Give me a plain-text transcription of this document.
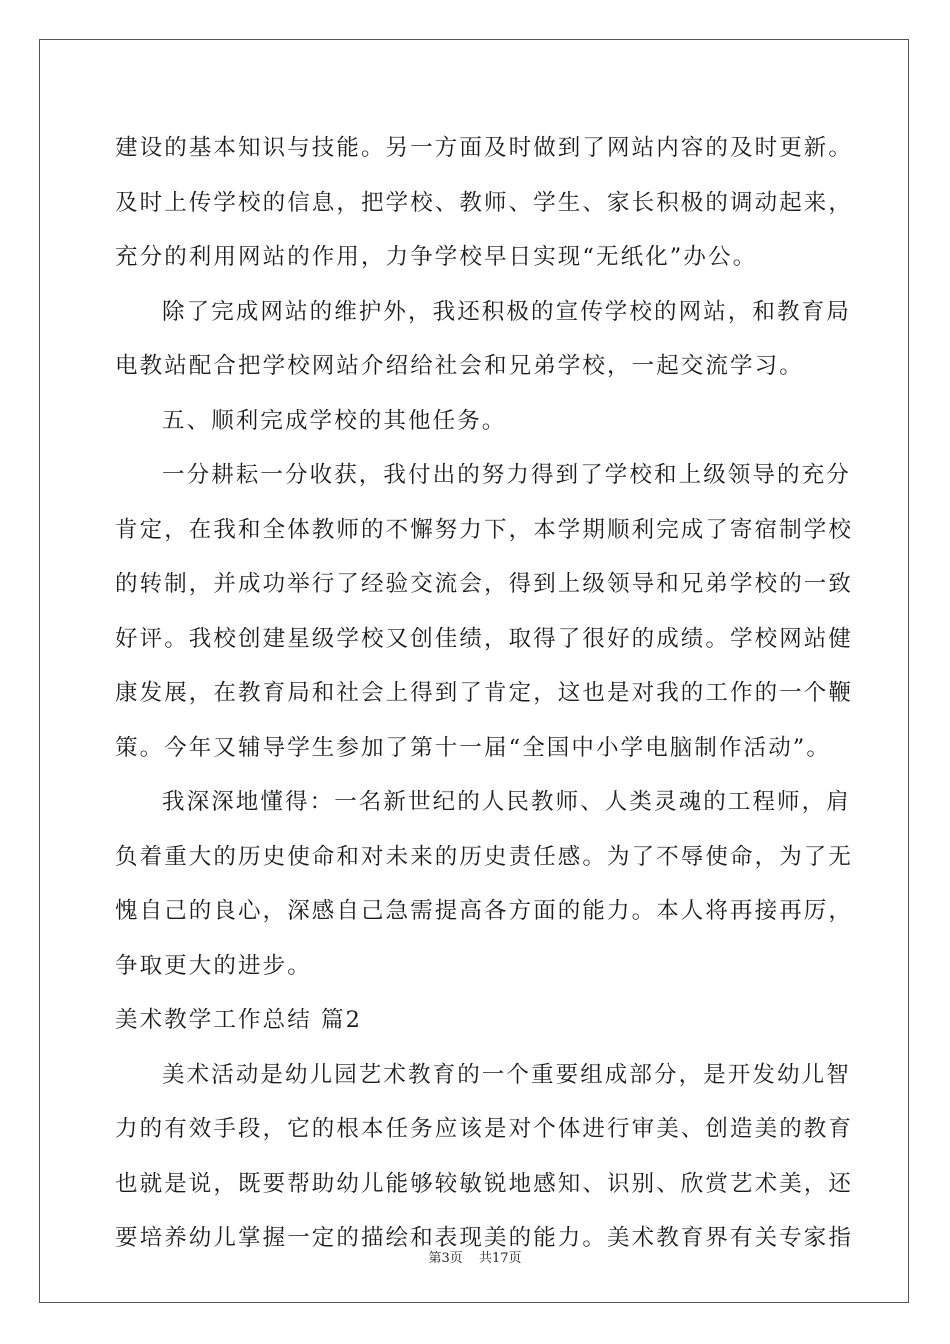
建设的基本知识与技能。另一方面及时做到了网站内容的及时更新。
及时上传学校的信息，把学校、教师、学生、家长积极的调动起来，
充分的利用网站的作用，力争学校早日实现“无纸化”办公。
除了完成网站的维护外，我还积极的宣传学校的网站，和教育局
电教站配合把学校网站介绍给社会和兄弟学校，一起交流学习。
五、顺利完成学校的其他任务。
一分耕耘一分收获，我付出的努力得到了学校和上级领导的充分
肯定，在我和全体教师的不懈努力下，本学期顺利完成了寄宿制学校
的转制，并成功举行了经验交流会，得到上级领导和兄弟学校的一致
好评。我校创建星级学校又创佳绩，取得了很好的成绩。学校网站健
康发展，在教育局和社会上得到了肯定，这也是对我的工作的一个鞭
策。今年又辅导学生参加了第十一届“全国中小学电脑制作活动”。
我深深地懂得：一名新世纪的人民教师、人类灵魂的工程师，肩
负着重大的历史使命和对未来的历史责任感。为了不辱使命，为了无
愧自己的良心，深感自己急需提高各方面的能力。本人将再接再厉，
争取更大的进步。
美术教学工作总结 篇2
美术活动是幼儿园艺术教育的一个重要组成部分，是开发幼儿智
力的有效手段，它的根本任务应该是对个体进行审美、创造美的教育
也就是说，既要帮助幼儿能够较敏锐地感知、识别、欣赏艺术美，还
要培养幼儿掌握一定的描绘和表现美的能力。美术教育界有关专家指
第3页 共17页
